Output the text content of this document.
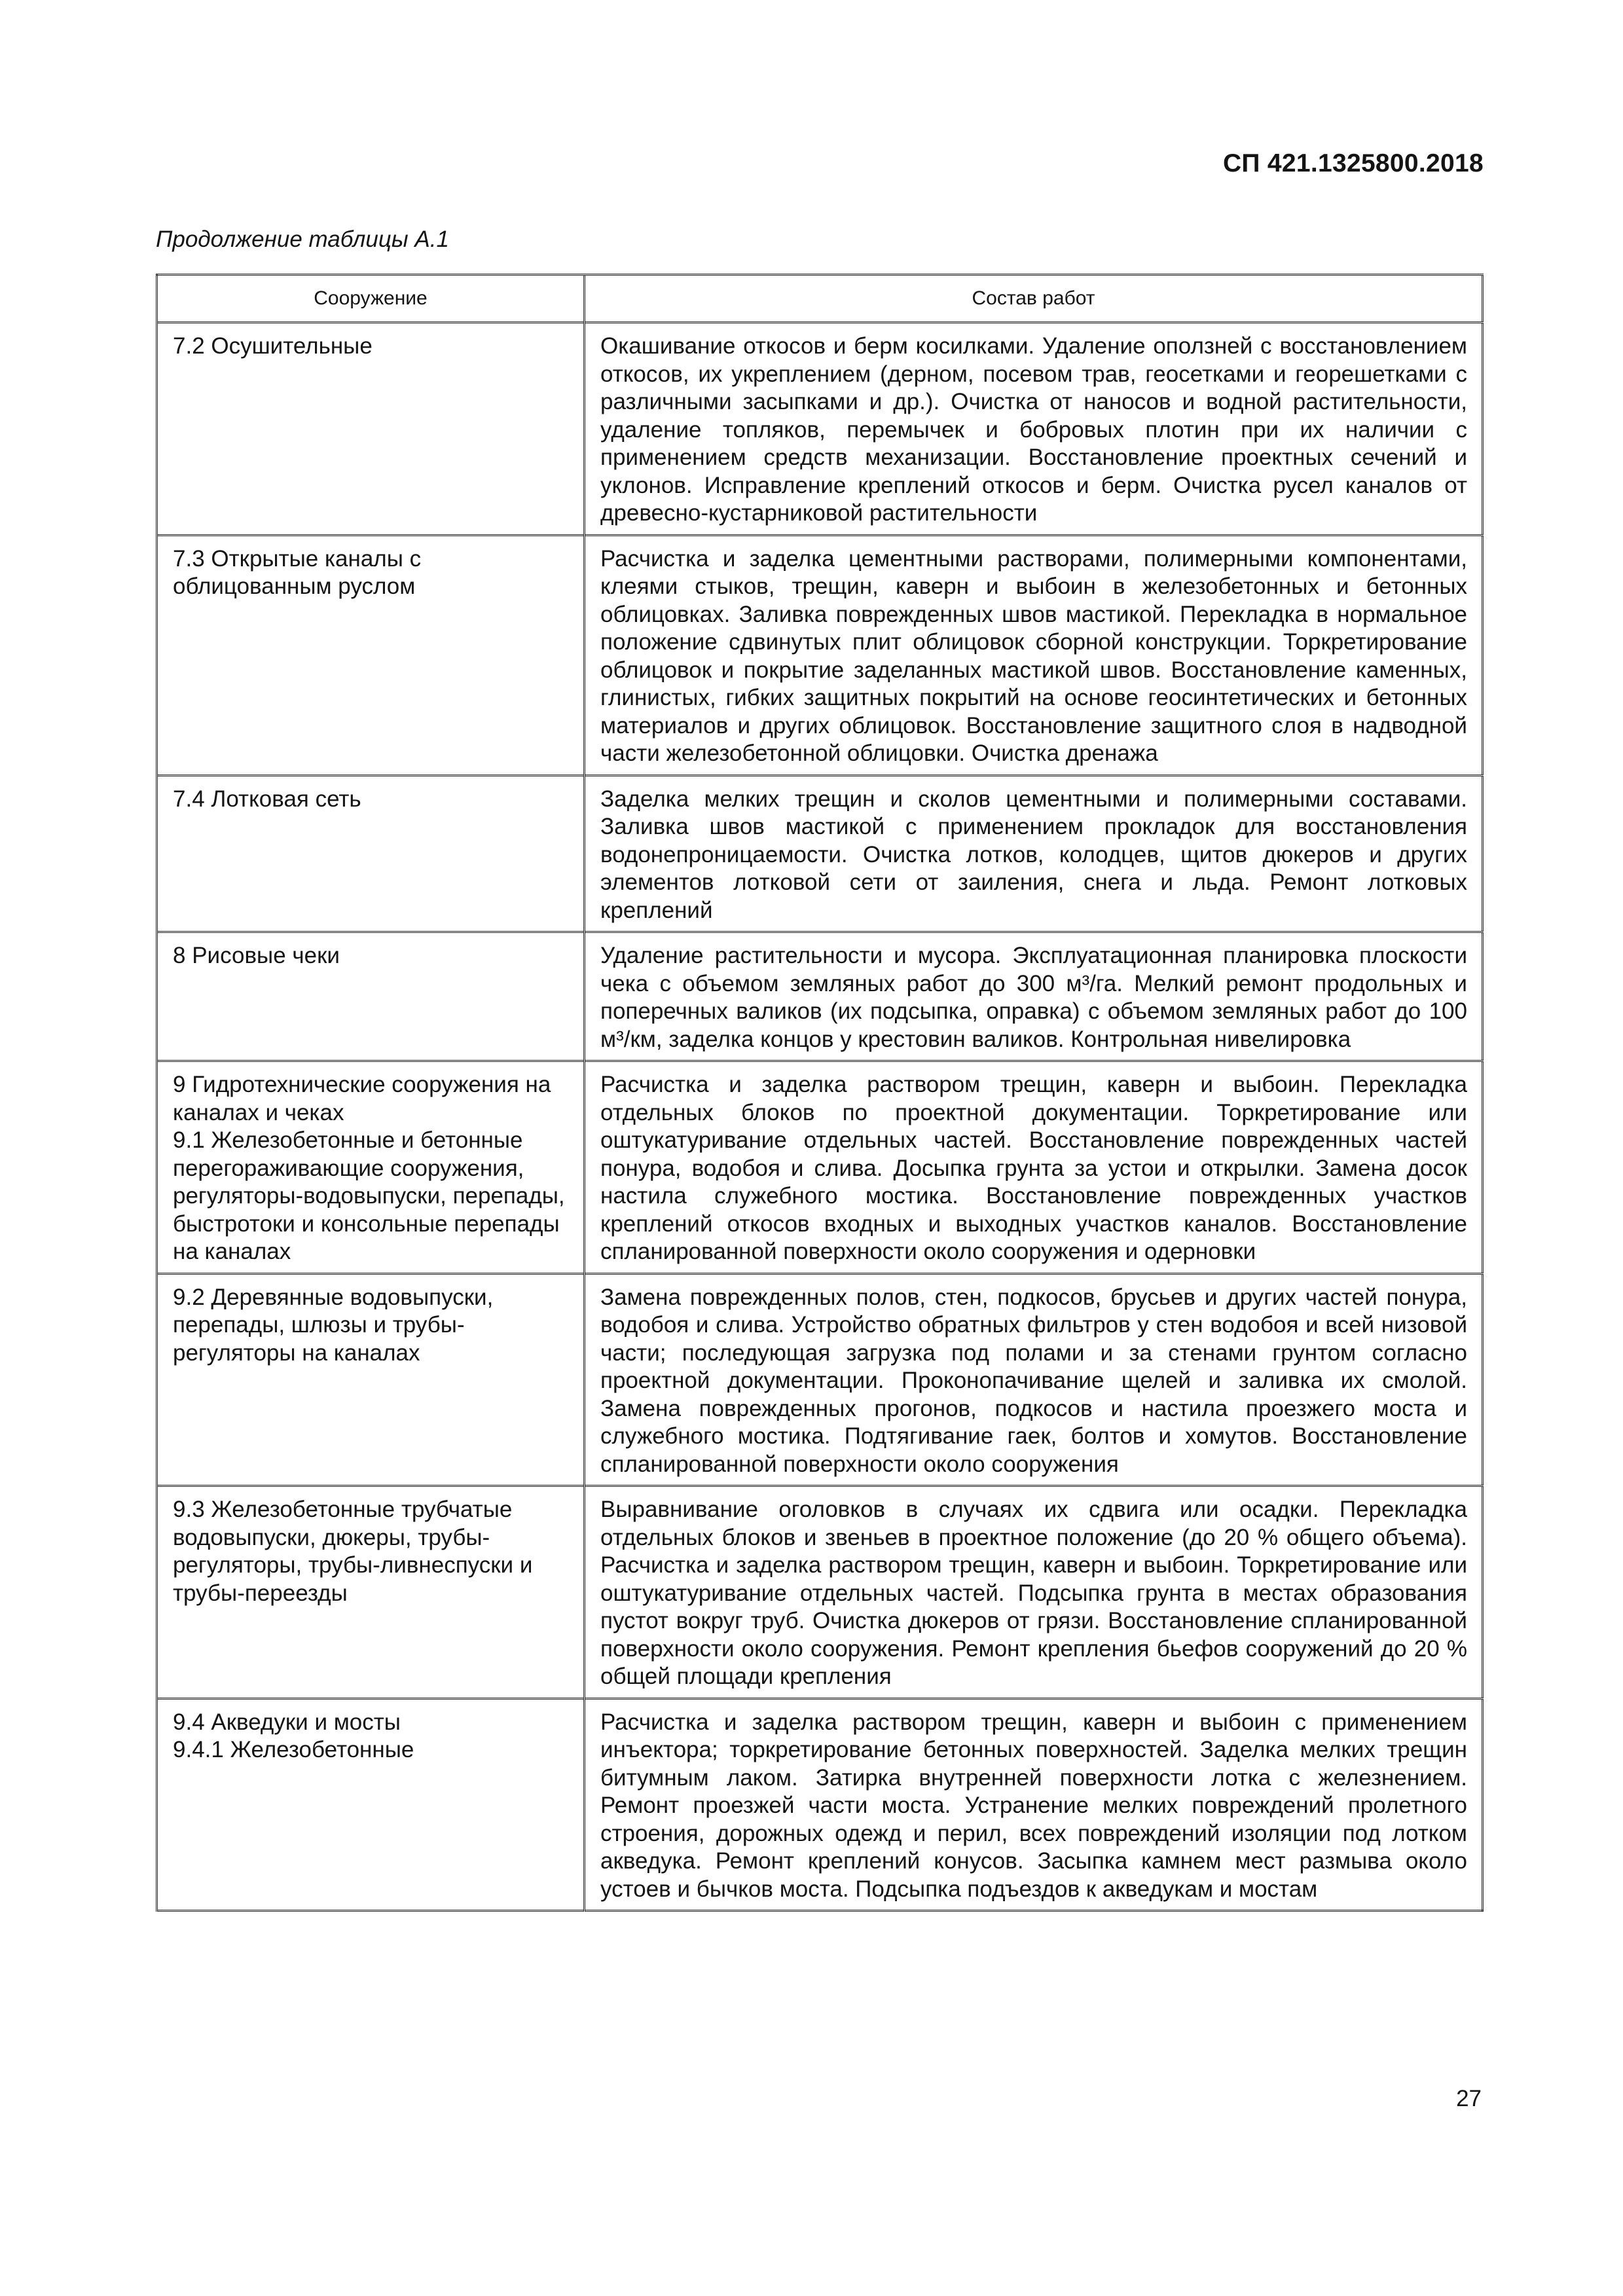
СП 421.1325800.2018
Продолжение таблицы А.1
Сооружение	Состав работ

7.2 Осушительные	Окашивание откосов и берм косилками. Удаление оползней с восстановлением откосов, их укреплением (дерном, посевом трав, геосетками и георешетками с различными засыпками и др.). Очистка от наносов и водной растительности, удаление топляков, перемычек и бобровых плотин при их наличии с применением средств механизации. Восстановление проектных сечений и уклонов. Исправление креплений откосов и берм. Очистка русел каналов от древесно-кустарниковой растительности

7.3 Открытые каналы с облицованным руслом	Расчистка и заделка цементными растворами, полимерными компонентами, клеями стыков, трещин, каверн и выбоин в железобетонных и бетонных облицовках. Заливка поврежденных швов мастикой. Перекладка в нормальное положение сдвинутых плит облицовок сборной конструкции. Торкретирование облицовок и покрытие заделанных мастикой швов. Восстановление каменных, глинистых, гибких защитных покрытий на основе геосинтетических и бетонных материалов и других облицовок. Восстановление защитного слоя в надводной части железобетонной облицовки. Очистка дренажа

7.4 Лотковая сеть	Заделка мелких трещин и сколов цементными и полимерными составами. Заливка швов мастикой с применением прокладок для восстановления водонепроницаемости. Очистка лотков, колодцев, щитов дюкеров и других элементов лотковой сети от заиления, снега и льда. Ремонт лотковых креплений

8 Рисовые чеки	Удаление растительности и мусора. Эксплуатационная планировка плоскости чека с объемом земляных работ до 300 м³/га. Мелкий ремонт продольных и поперечных валиков (их подсыпка, оправка) с объемом земляных работ до 100 м³/км, заделка концов у крестовин валиков. Контрольная нивелировка

9 Гидротехнические сооружения на каналах и чеках
9.1 Железобетонные и бетонные перегораживающие сооружения, регуляторы-водовыпуски, перепады, быстротоки и консольные перепады на каналах	Расчистка и заделка раствором трещин, каверн и выбоин. Перекладка отдельных блоков по проектной документации. Торкретирование или оштукатуривание отдельных частей. Восстановление поврежденных частей понура, водобоя и слива. Досыпка грунта за устои и открылки. Замена досок настила служебного мостика. Восстановление поврежденных участков креплений откосов входных и выходных участков каналов. Восстановление спланированной поверхности около сооружения и одерновки

9.2 Деревянные водовыпуски, перепады, шлюзы и трубы-регуляторы на каналах	Замена поврежденных полов, стен, подкосов, брусьев и других частей понура, водобоя и слива. Устройство обратных фильтров у стен водобоя и всей низовой части; последующая загрузка под полами и за стенами грунтом согласно проектной документации. Проконопачивание щелей и заливка их смолой. Замена поврежденных прогонов, подкосов и настила проезжего моста и служебного мостика. Подтягивание гаек, болтов и хомутов. Восстановление спланированной поверхности около сооружения

9.3 Железобетонные трубчатые водовыпуски, дюкеры, трубы-регуляторы, трубы-ливнеспуски и трубы-переезды	Выравнивание оголовков в случаях их сдвига или осадки. Перекладка отдельных блоков и звеньев в проектное положение (до 20 % общего объема). Расчистка и заделка раствором трещин, каверн и выбоин. Торкретирование или оштукатуривание отдельных частей. Подсыпка грунта в местах образования пустот вокруг труб. Очистка дюкеров от грязи. Восстановление спланированной поверхности около сооружения. Ремонт крепления бьефов сооружений до 20 % общей площади крепления

9.4 Акведуки и мосты
9.4.1 Железобетонные	Расчистка и заделка раствором трещин, каверн и выбоин с применением инъектора; торкретирование бетонных поверхностей. Заделка мелких трещин битумным лаком. Затирка внутренней поверхности лотка с железнением. Ремонт проезжей части моста. Устранение мелких повреждений пролетного строения, дорожных одежд и перил, всех повреждений изоляции под лотком акведука. Ремонт креплений конусов. Засыпка камнем мест размыва около устоев и бычков моста. Подсыпка подъездов к акведукам и мостам
27
